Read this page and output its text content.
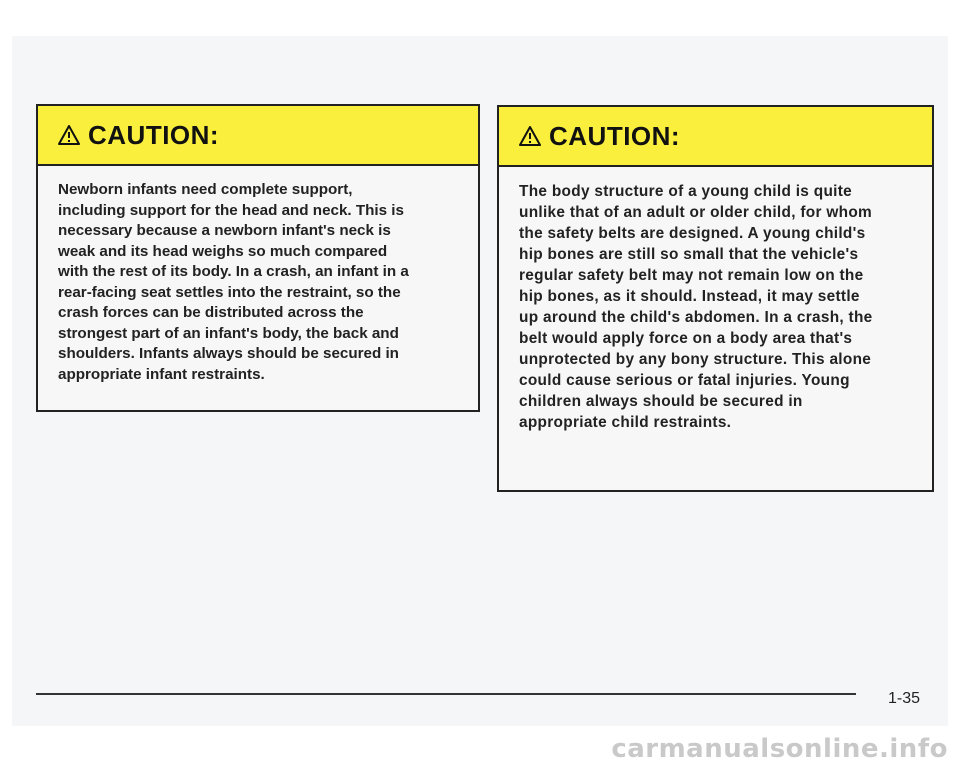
CAUTION:
Newborn infants need complete support,
including support for the head and neck. This is
necessary because a newborn infant's neck is
weak and its head weighs so much compared
with the rest of its body. In a crash, an infant in a
rear-facing seat settles into the restraint, so the
crash forces can be distributed across the
strongest part of an infant's body, the back and
shoulders. Infants always should be secured in
appropriate infant restraints.
CAUTION:
The body structure of a young child is quite
unlike that of an adult or older child, for whom
the safety belts are designed. A young child's
hip bones are still so small that the vehicle's
regular safety belt may not remain low on the
hip bones, as it should. Instead, it may settle
up around the child's abdomen. In a crash, the
belt would apply force on a body area that's
unprotected by any bony structure. This alone
could cause serious or fatal injuries. Young
children always should be secured in
appropriate child restraints.
1-35
carmanualsonline.info
